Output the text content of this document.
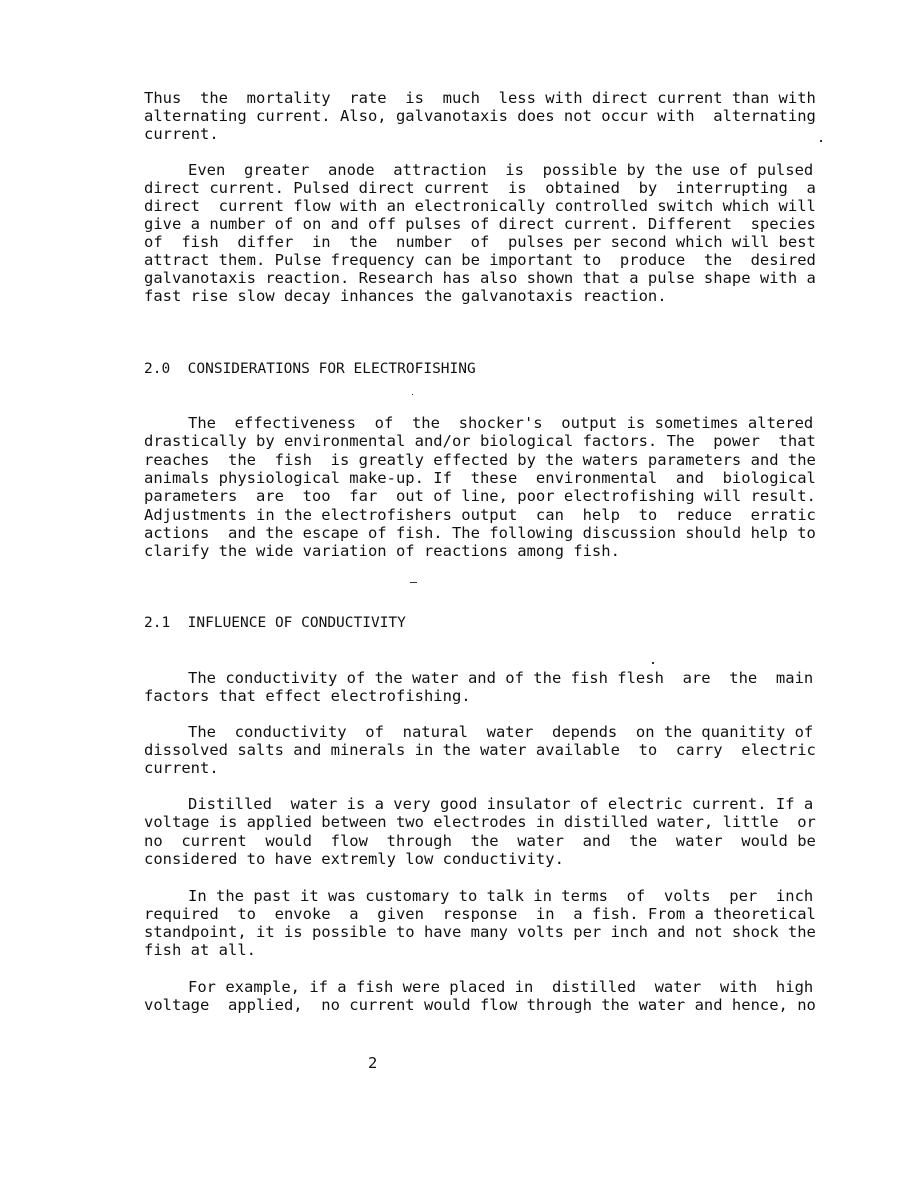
Thus  the  mortality  rate  is  much  less with direct current than with
alternating current. Also, galvanotaxis does not occur with  alternating
current.
Even  greater  anode  attraction  is  possible by the use of pulsed
direct current. Pulsed direct current  is  obtained  by  interrupting  a
direct  current flow with an electronically controlled switch which will
give a number of on and off pulses of direct current. Different  species
of  fish  differ  in  the  number  of  pulses per second which will best
attract them. Pulse frequency can be important to  produce  the  desired
galvanotaxis reaction. Research has also shown that a pulse shape with a
fast rise slow decay inhances the galvanotaxis reaction.
2.0  CONSIDERATIONS FOR ELECTROFISHING
The  effectiveness  of  the  shocker's  output is sometimes altered
drastically by environmental and/or biological factors. The  power  that
reaches  the  fish  is greatly effected by the waters parameters and the
animals physiological make-up. If  these  environmental  and  biological
parameters  are  too  far  out of line, poor electrofishing will result.
Adjustments in the electrofishers output  can  help  to  reduce  erratic
actions  and the escape of fish. The following discussion should help to
clarify the wide variation of reactions among fish.
2.1  INFLUENCE OF CONDUCTIVITY
The conductivity of the water and of the fish flesh  are  the  main
factors that effect electrofishing.
The  conductivity  of  natural  water  depends  on the quanitity of
dissolved salts and minerals in the water available  to  carry  electric
current.
Distilled  water is a very good insulator of electric current. If a
voltage is applied between two electrodes in distilled water, little  or
no  current  would  flow  through  the  water  and  the  water  would be
considered to have extremly low conductivity.
In the past it was customary to talk in terms  of  volts  per  inch
required  to  envoke  a  given  response  in  a fish. From a theoretical
standpoint, it is possible to have many volts per inch and not shock the
fish at all.
For example, if a fish were placed in  distilled  water  with  high
voltage  applied,  no current would flow through the water and hence, no
2
